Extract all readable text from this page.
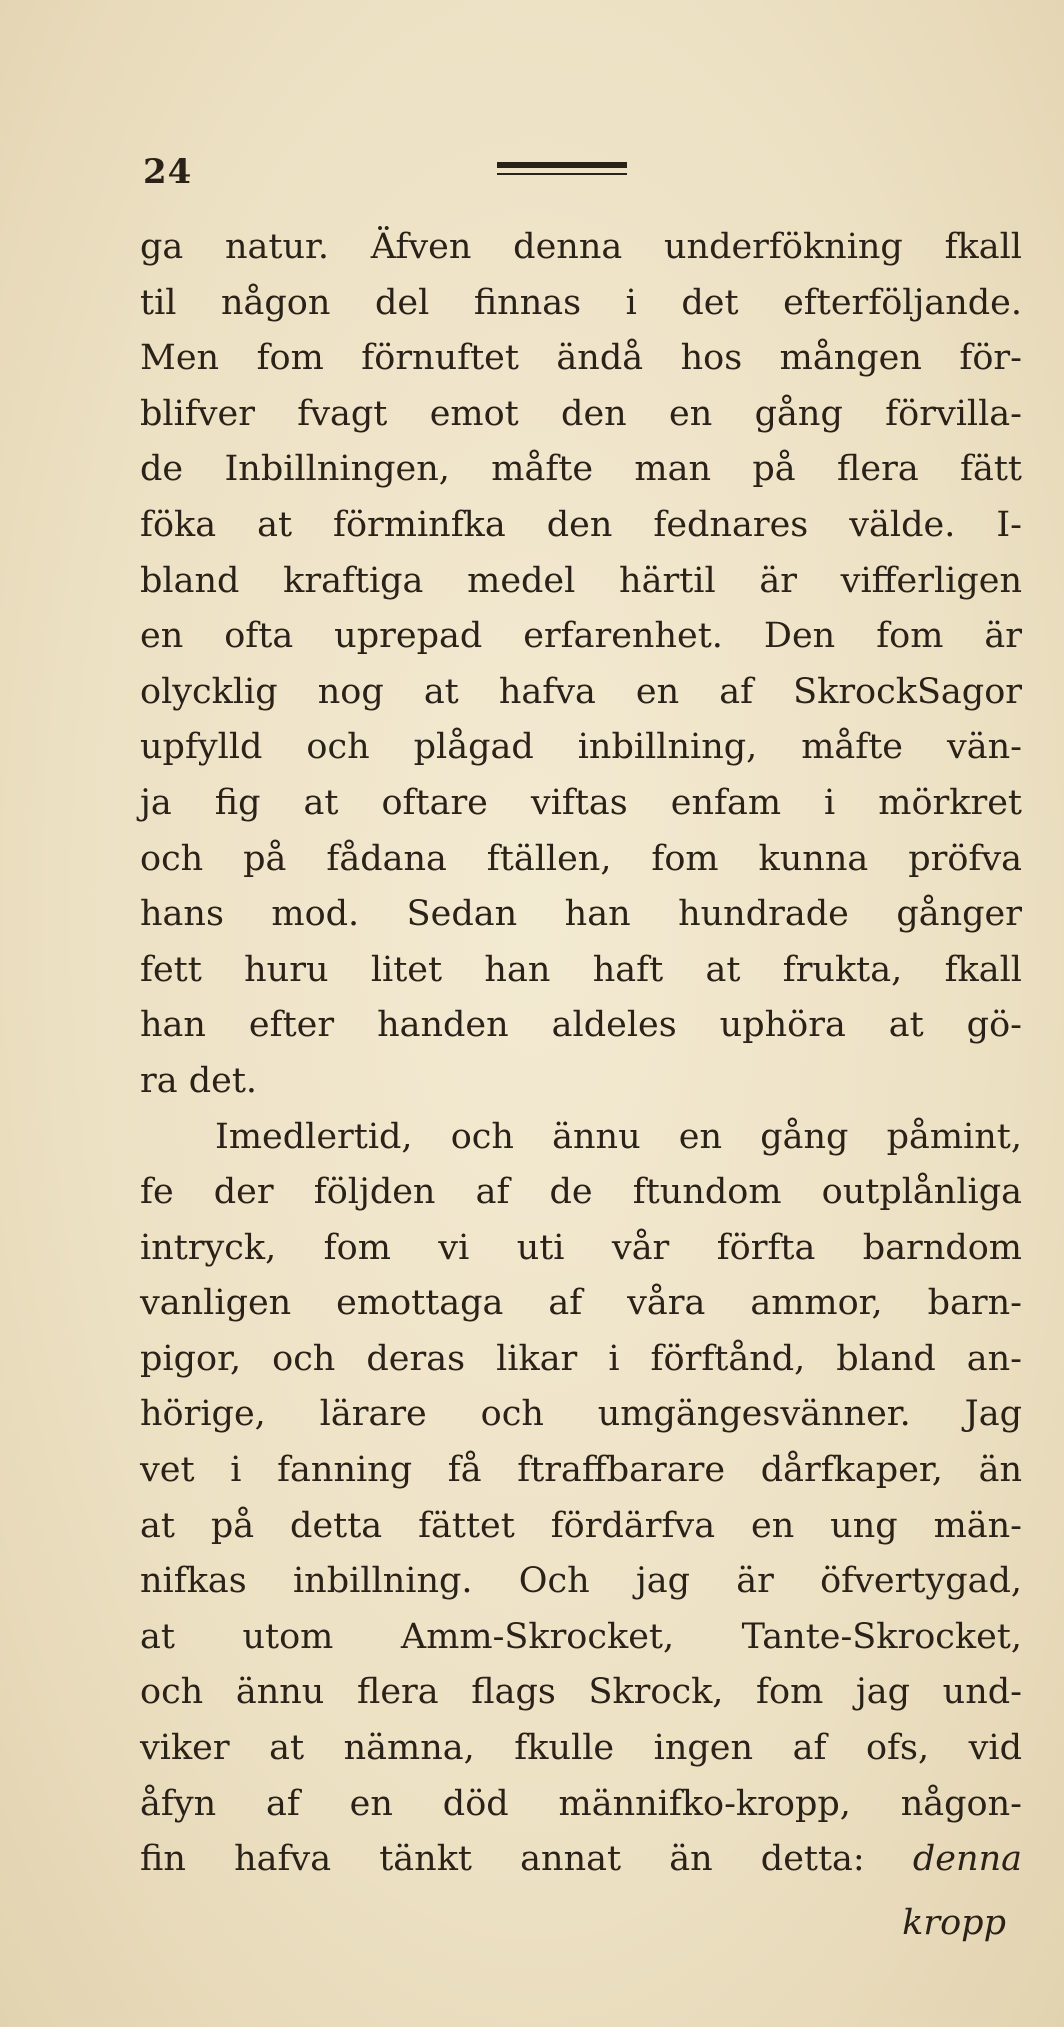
24
ga natur. Äfven denna underfökning fkall
til någon del finnas i det efterföljande.
Men fom förnuftet ändå hos mången för-
blifver fvagt emot den en gång förvilla-
de Inbillningen, måfte man på flera fätt
föka at förminfka den fednares välde. I-
bland kraftiga medel härtil är vifferligen
en ofta uprepad erfarenhet. Den fom är
olycklig nog at hafva en af SkrockSagor
upfylld och plågad inbillning, måfte vän-
ja fig at oftare viftas enfam i mörkret
och på fådana ftällen, fom kunna pröfva
hans mod. Sedan han hundrade gånger
fett huru litet han haft at frukta, fkall
han efter handen aldeles uphöra at gö-
ra det.
Imedlertid, och ännu en gång påmint,
fe der följden af de ftundom outplånliga
intryck, fom vi uti vår förfta barndom
vanligen emottaga af våra ammor, barn-
pigor, och deras likar i förftånd, bland an-
hörige, lärare och umgängesvänner. Jag
vet i fanning få ftraffbarare dårfkaper, än
at på detta fättet fördärfva en ung män-
nifkas inbillning. Och jag är öfvertygad,
at utom Amm-Skrocket, Tante-Skrocket,
och ännu flera flags Skrock, fom jag und-
viker at nämna, fkulle ingen af ofs, vid
åfyn af en död männifko-kropp, någon-
fin hafva tänkt annat än detta: denna
kropp
